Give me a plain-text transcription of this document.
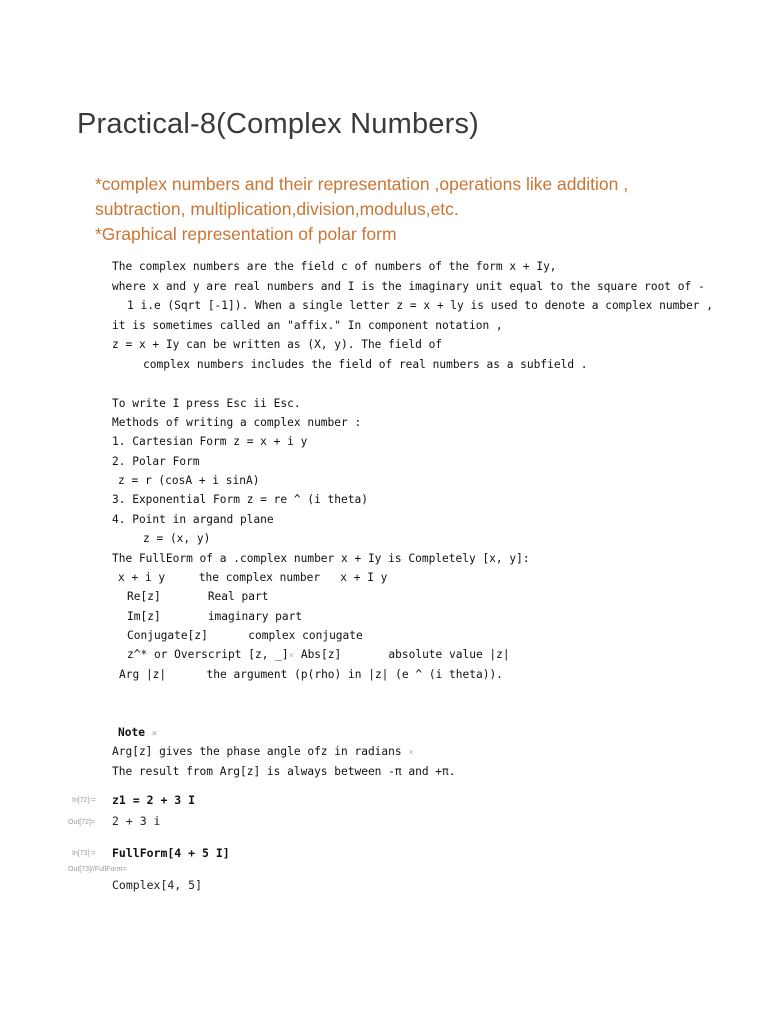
Practical-8(Complex Numbers)
*complex numbers and their representation ,operations like addition ,
subtraction, multiplication,division,modulus,etc.
*Graphical representation of polar form
The complex numbers are the field c of numbers of the form x + Iy,
where x and y are real numbers and I is the imaginary unit equal to the square root of -
1 i.e (Sqrt [-1]). When a single letter z = x + ly is used to denote a complex number ,
it is sometimes called an "affix." In component notation ,
z = x + Iy can be written as (X, y). The field of
complex numbers includes the field of real numbers as a subfield .
To write I press Esc ii Esc.
Methods of writing a complex number :
1. Cartesian Form z = x + i y
2. Polar Form
z = r (cosA + i sinA)
3. Exponential Form z = re ^ (i theta)
4. Point in argand plane
z = (x, y)
The FullEorm of a .complex number x + Iy is Completely [x, y]:
x + i y     the complex number   x + I y
Re[z]       Real part
Im[z]       imaginary part
Conjugate[z]      complex conjugate
z^* or Overscript [z, _]× Abs[z]       absolute value |z|
Arg |z|      the argument (p(rho) in |z| (e ^ (i theta)).
Note ×
Arg[z] gives the phase angle ofz in radians ×
The result from Arg[z] is always between -π and +π.
In[72]:= z1 = 2 + 3 I
Out[72]= 2 + 3 𝕚
In[73]:= FullForm[4 + 5 I]
Out[73]//FullForm=
Complex[4, 5]
